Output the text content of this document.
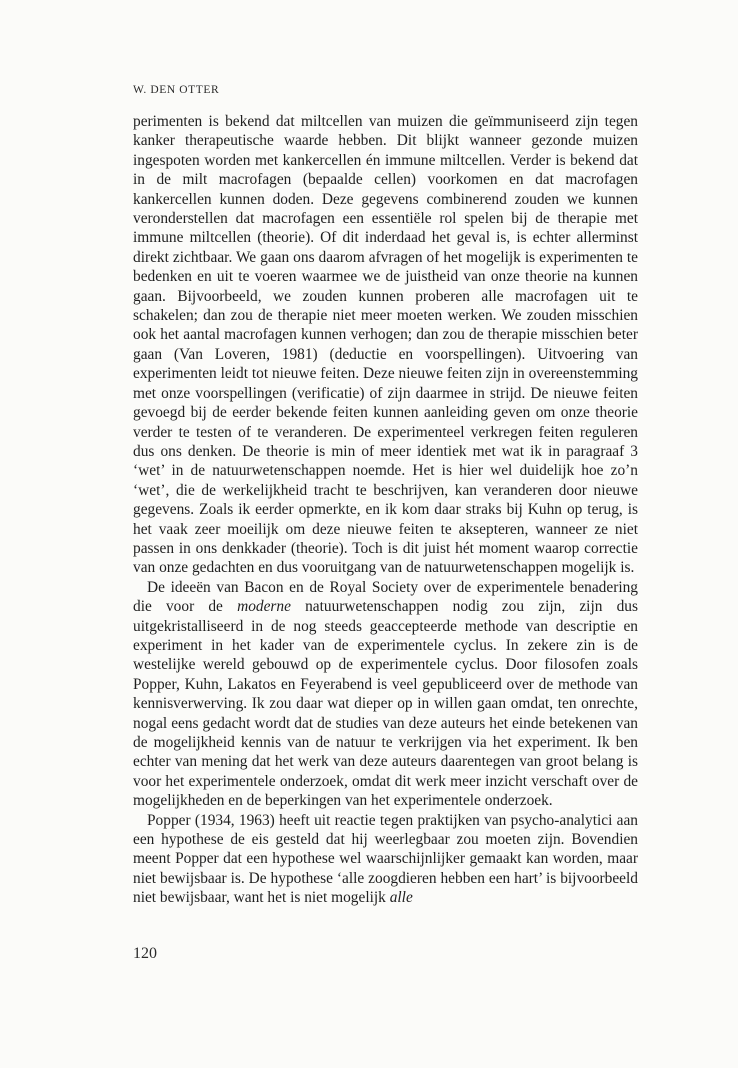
W. DEN OTTER

perimenten is bekend dat miltcellen van muizen die geïmmuniseerd zijn tegen kanker therapeutische waarde hebben. Dit blijkt wanneer gezonde muizen ingespoten worden met kankercellen én immune miltcellen. Verder is bekend dat in de milt macrofagen (bepaalde cellen) voorkomen en dat macrofagen kankercellen kunnen doden. Deze gegevens combinerend zouden we kunnen veronderstellen dat macrofagen een essentiële rol spelen bij de therapie met immune miltcellen (theorie). Of dit inderdaad het geval is, is echter allerminst direkt zichtbaar. We gaan ons daarom afvragen of het mogelijk is experimenten te bedenken en uit te voeren waarmee we de juistheid van onze theorie na kunnen gaan. Bijvoorbeeld, we zouden kunnen proberen alle macrofagen uit te schakelen; dan zou de therapie niet meer moeten werken. We zouden misschien ook het aantal macrofagen kunnen verhogen; dan zou de therapie misschien beter gaan (Van Loveren, 1981) (deductie en voorspellingen). Uitvoering van experimenten leidt tot nieuwe feiten. Deze nieuwe feiten zijn in overeenstemming met onze voorspellingen (verificatie) of zijn daarmee in strijd. De nieuwe feiten gevoegd bij de eerder bekende feiten kunnen aanleiding geven om onze theorie verder te testen of te veranderen. De experimenteel verkregen feiten reguleren dus ons denken. De theorie is min of meer identiek met wat ik in paragraaf 3 ‘wet’ in de natuurwetenschappen noemde. Het is hier wel duidelijk hoe zo’n ‘wet’, die de werkelijkheid tracht te beschrijven, kan veranderen door nieuwe gegevens. Zoals ik eerder opmerkte, en ik kom daar straks bij Kuhn op terug, is het vaak zeer moeilijk om deze nieuwe feiten te aksepteren, wanneer ze niet passen in ons denkkader (theorie). Toch is dit juist hét moment waarop correctie van onze gedachten en dus vooruitgang van de natuurwetenschappen mogelijk is.

De ideeën van Bacon en de Royal Society over de experimentele benadering die voor de moderne natuurwetenschappen nodig zou zijn, zijn dus uitgekristalliseerd in de nog steeds geaccepteerde methode van descriptie en experiment in het kader van de experimentele cyclus. In zekere zin is de westelijke wereld gebouwd op de experimentele cyclus. Door filosofen zoals Popper, Kuhn, Lakatos en Feyerabend is veel gepubliceerd over de methode van kennisverwerving. Ik zou daar wat dieper op in willen gaan omdat, ten onrechte, nogal eens gedacht wordt dat de studies van deze auteurs het einde betekenen van de mogelijkheid kennis van de natuur te verkrijgen via het experiment. Ik ben echter van mening dat het werk van deze auteurs daarentegen van groot belang is voor het experimentele onderzoek, omdat dit werk meer inzicht verschaft over de mogelijkheden en de beperkingen van het experimentele onderzoek.

Popper (1934, 1963) heeft uit reactie tegen praktijken van psycho-analytici aan een hypothese de eis gesteld dat hij weerlegbaar zou moeten zijn. Bovendien meent Popper dat een hypothese wel waarschijnlijker gemaakt kan worden, maar niet bewijsbaar is. De hypothese ‘alle zoogdieren hebben een hart’ is bijvoorbeeld niet bewijsbaar, want het is niet mogelijk alle

120
